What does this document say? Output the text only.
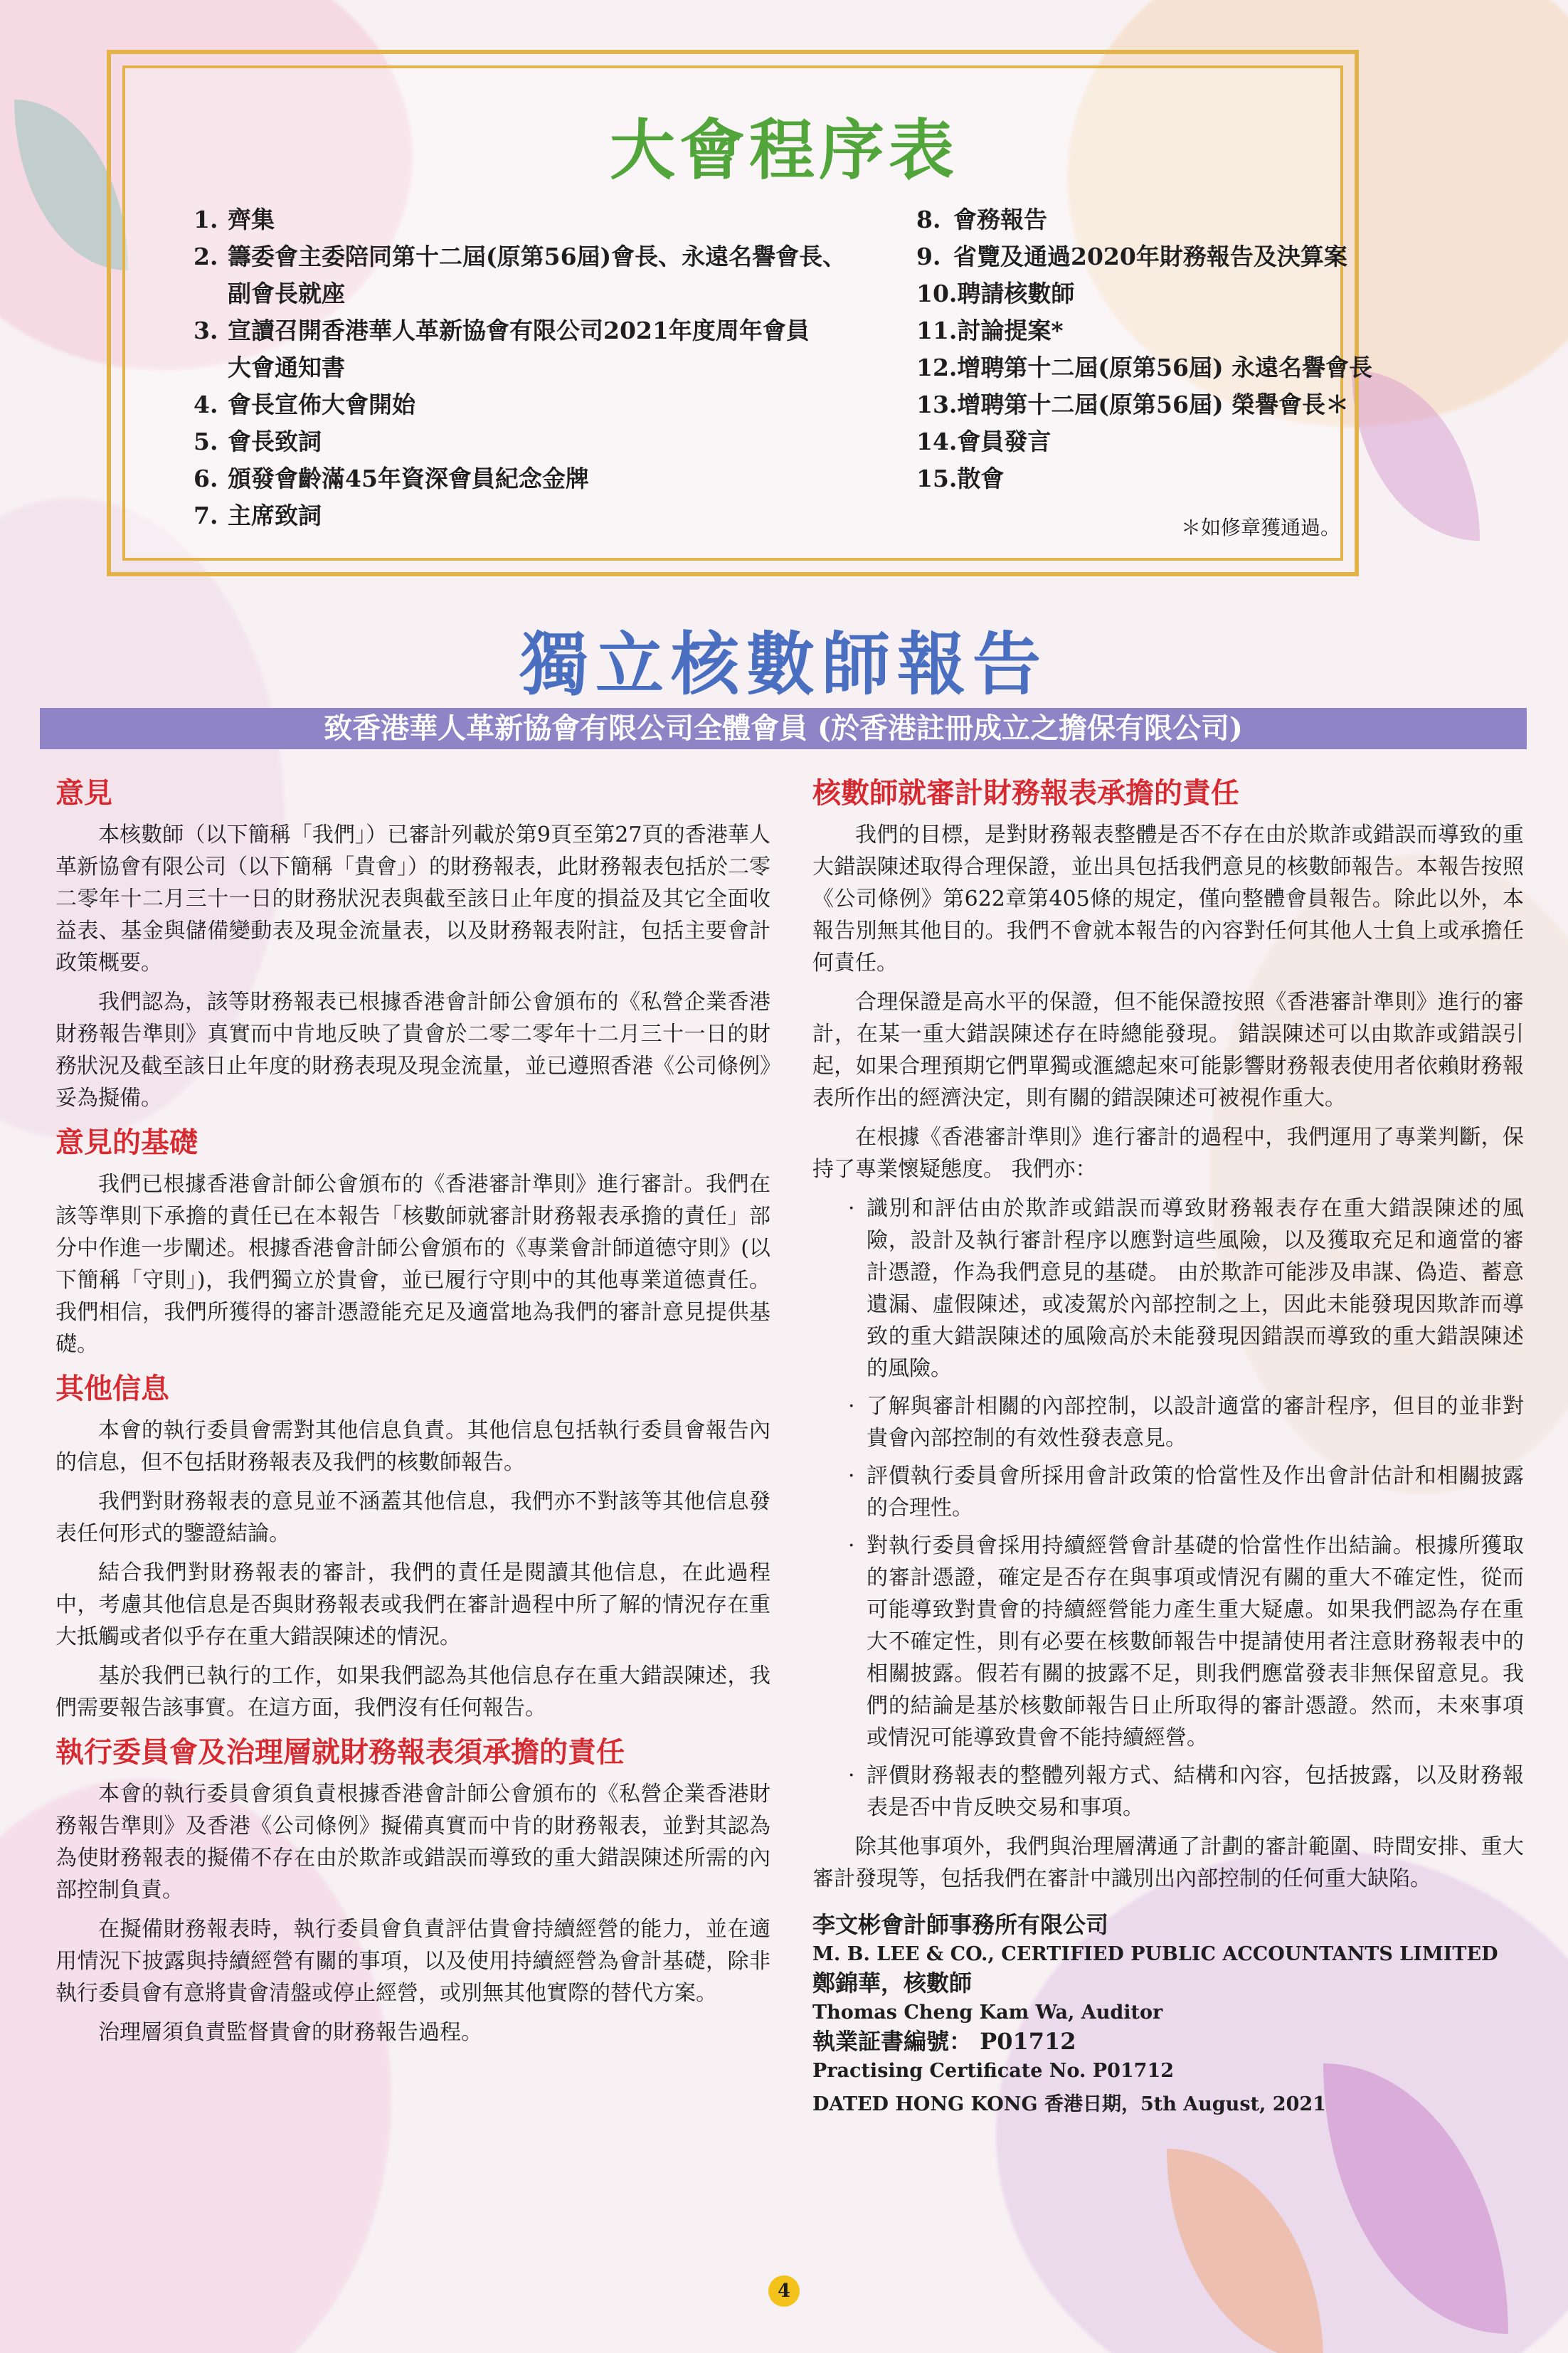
大會程序表
1. 齊集
2. 籌委會主委陪同第十二屆(原第56屆)會長、永遠名譽會長、
副會長就座
3. 宣讀召開香港華人革新協會有限公司2021年度周年會員
大會通知書
4. 會長宣佈大會開始
5. 會長致詞
6. 頒發會齡滿45年資深會員紀念金牌
7. 主席致詞
8. 會務報告
9. 省覽及通過2020年財務報告及決算案
10. 聘請核數師
11. 討論提案*
12. 增聘第十二屆(原第56屆) 永遠名譽會長
13. 增聘第十二屆(原第56屆) 榮譽會長＊
14. 會員發言
15. 散會
＊如修章獲通過。
獨立核數師報告
致香港華人革新協會有限公司全體會員 (於香港註冊成立之擔保有限公司)
意見

本核數師（以下簡稱「我們」）已審計列載於第9頁至第27頁的香港華人革新協會有限公司（以下簡稱「貴會」）的財務報表，此財務報表包括於二零二零年十二月三十一日的財務狀況表與截至該日止年度的損益及其它全面收益表、基金與儲備變動表及現金流量表，以及財務報表附註，包括主要會計政策概要。

我們認為，該等財務報表已根據香港會計師公會頒布的《私營企業香港財務報告準則》真實而中肯地反映了貴會於二零二零年十二月三十一日的財務狀況及截至該日止年度的財務表現及現金流量，並已遵照香港《公司條例》妥為擬備。

意見的基礎

我們已根據香港會計師公會頒布的《香港審計準則》進行審計。我們在該等準則下承擔的責任已在本報告「核數師就審計財務報表承擔的責任」部分中作進一步闡述。根據香港會計師公會頒布的《專業會計師道德守則》(以下簡稱「守則」)，我們獨立於貴會，並已履行守則中的其他專業道德責任。我們相信，我們所獲得的審計憑證能充足及適當地為我們的審計意見提供基礎。

其他信息

本會的執行委員會需對其他信息負責。其他信息包括執行委員會報告內的信息，但不包括財務報表及我們的核數師報告。

我們對財務報表的意見並不涵蓋其他信息，我們亦不對該等其他信息發表任何形式的鑒證結論。

結合我們對財務報表的審計，我們的責任是閱讀其他信息，在此過程中，考慮其他信息是否與財務報表或我們在審計過程中所了解的情況存在重大抵觸或者似乎存在重大錯誤陳述的情況。

基於我們已執行的工作，如果我們認為其他信息存在重大錯誤陳述，我們需要報告該事實。在這方面，我們沒有任何報告。

執行委員會及治理層就財務報表須承擔的責任

本會的執行委員會須負責根據香港會計師公會頒布的《私營企業香港財務報告準則》及香港《公司條例》擬備真實而中肯的財務報表，並對其認為為使財務報表的擬備不存在由於欺詐或錯誤而導致的重大錯誤陳述所需的內部控制負責。

在擬備財務報表時，執行委員會負責評估貴會持續經營的能力，並在適用情況下披露與持續經營有關的事項，以及使用持續經營為會計基礎，除非執行委員會有意將貴會清盤或停止經營，或別無其他實際的替代方案。

治理層須負責監督貴會的財務報告過程。

核數師就審計財務報表承擔的責任

我們的目標，是對財務報表整體是否不存在由於欺詐或錯誤而導致的重大錯誤陳述取得合理保證，並出具包括我們意見的核數師報告。本報告按照《公司條例》第622章第405條的規定，僅向整體會員報告。除此以外，本報告別無其他目的。我們不會就本報告的內容對任何其他人士負上或承擔任何責任。

合理保證是高水平的保證，但不能保證按照《香港審計準則》進行的審計，在某一重大錯誤陳述存在時總能發現。 錯誤陳述可以由欺詐或錯誤引起，如果合理預期它們單獨或滙總起來可能影響財務報表使用者依賴財務報表所作出的經濟決定，則有關的錯誤陳述可被視作重大。

在根據《香港審計準則》進行審計的過程中，我們運用了專業判斷，保持了專業懷疑態度。 我們亦：

· 識別和評估由於欺詐或錯誤而導致財務報表存在重大錯誤陳述的風險，設計及執行審計程序以應對這些風險，以及獲取充足和適當的審計憑證，作為我們意見的基礎。 由於欺詐可能涉及串謀、偽造、蓄意遺漏、虛假陳述，或凌駕於內部控制之上，因此未能發現因欺詐而導致的重大錯誤陳述的風險高於未能發現因錯誤而導致的重大錯誤陳述的風險。
· 了解與審計相關的內部控制，以設計適當的審計程序，但目的並非對貴會內部控制的有效性發表意見。
· 評價執行委員會所採用會計政策的恰當性及作出會計估計和相關披露的合理性。
· 對執行委員會採用持續經營會計基礎的恰當性作出結論。根據所獲取的審計憑證，確定是否存在與事項或情況有關的重大不確定性，從而可能導致對貴會的持續經營能力產生重大疑慮。如果我們認為存在重大不確定性，則有必要在核數師報告中提請使用者注意財務報表中的相關披露。假若有關的披露不足，則我們應當發表非無保留意見。我們的結論是基於核數師報告日止所取得的審計憑證。然而，未來事項或情況可能導致貴會不能持續經營。
· 評價財務報表的整體列報方式、結構和內容，包括披露，以及財務報表是否中肯反映交易和事項。

除其他事項外，我們與治理層溝通了計劃的審計範圍、時間安排、重大審計發現等，包括我們在審計中識別出內部控制的任何重大缺陷。

李文彬會計師事務所有限公司
M. B. LEE & CO., CERTIFIED PUBLIC ACCOUNTANTS LIMITED
鄭錦華，核數師
Thomas Cheng Kam Wa, Auditor
執業証書編號： P01712
Practising Certificate No. P01712
DATED HONG KONG 香港日期，5th August, 2021
4
